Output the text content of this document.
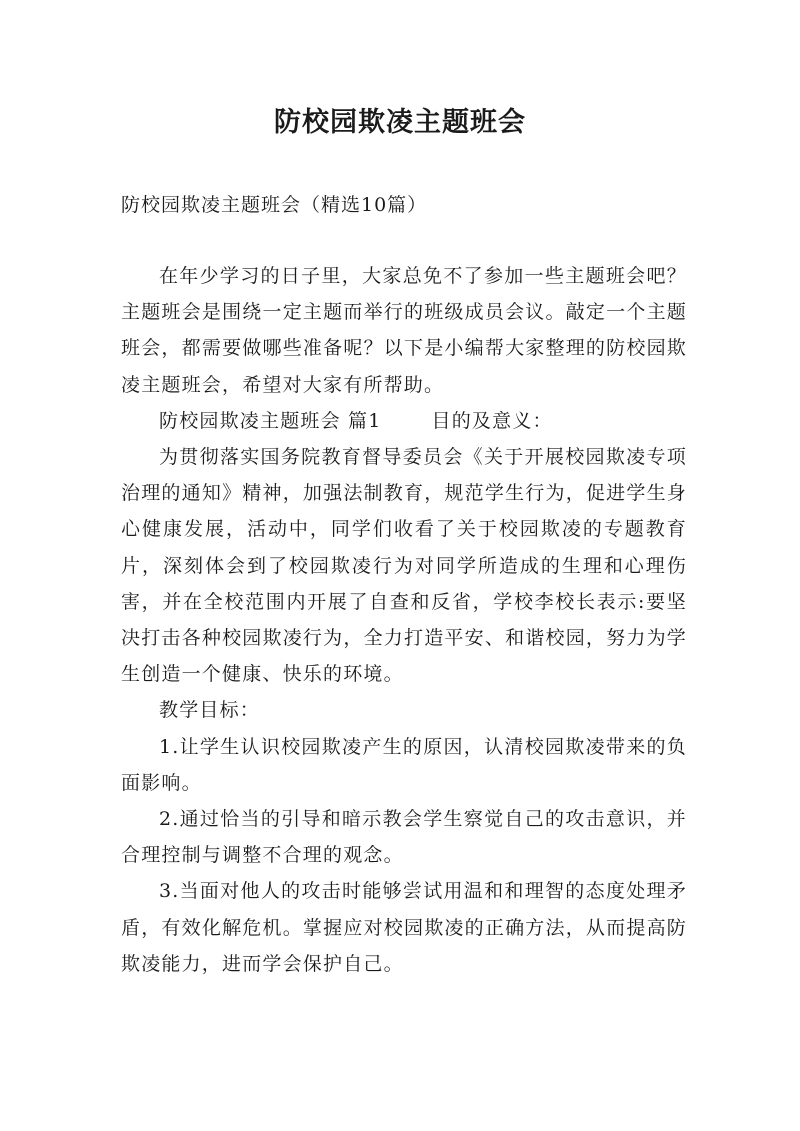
防校园欺凌主题班会

防校园欺凌主题班会（精选10篇）

在年少学习的日子里，大家总免不了参加一些主题班会吧？主题班会是围绕一定主题而举行的班级成员会议。敲定一个主题班会，都需要做哪些准备呢？以下是小编帮大家整理的防校园欺凌主题班会，希望对大家有所帮助。

防校园欺凌主题班会 篇1	目的及意义：

为贯彻落实国务院教育督导委员会《关于开展校园欺凌专项治理的通知》精神，加强法制教育，规范学生行为，促进学生身心健康发展，活动中，同学们收看了关于校园欺凌的专题教育片，深刻体会到了校园欺凌行为对同学所造成的生理和心理伤害，并在全校范围内开展了自查和反省，学校李校长表示:要坚决打击各种校园欺凌行为，全力打造平安、和谐校园，努力为学生创造一个健康、快乐的环境。

教学目标：

1.让学生认识校园欺凌产生的原因，认清校园欺凌带来的负面影响。

2.通过恰当的引导和暗示教会学生察觉自己的攻击意识，并合理控制与调整不合理的观念。

3.当面对他人的攻击时能够尝试用温和和理智的态度处理矛盾，有效化解危机。掌握应对校园欺凌的正确方法，从而提高防欺凌能力，进而学会保护自己。
